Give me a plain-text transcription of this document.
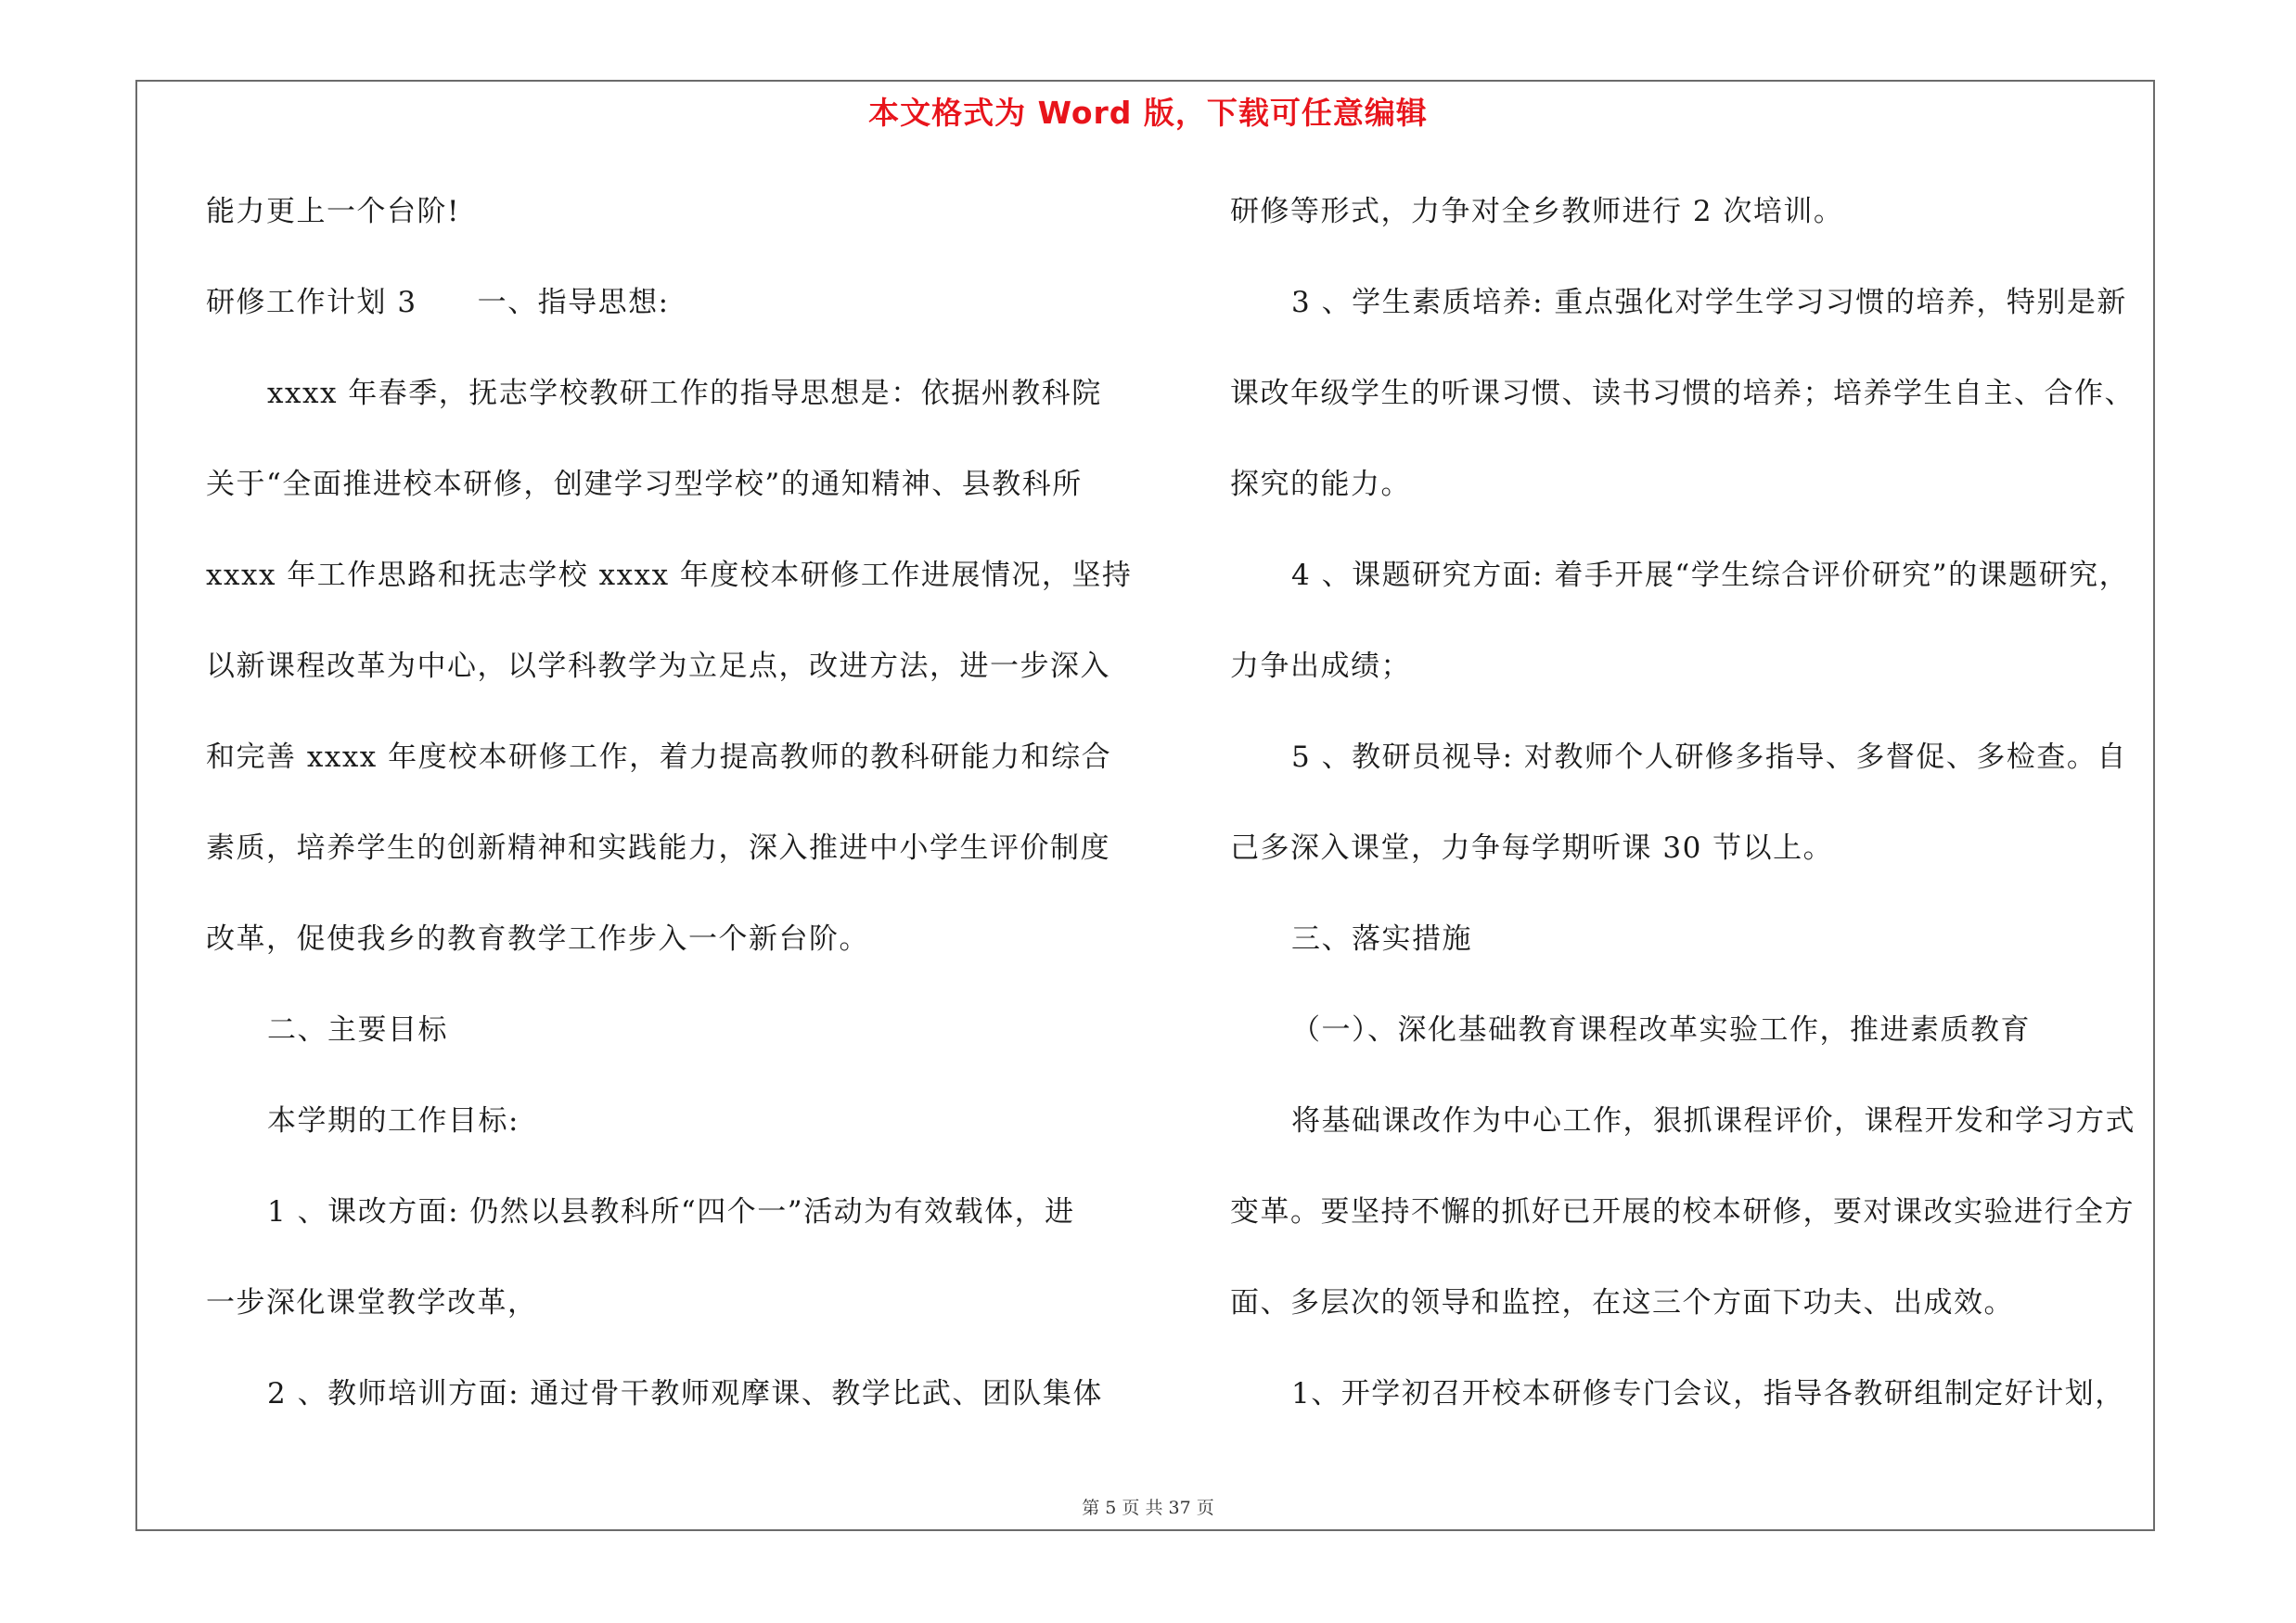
本文格式为 Word 版，下载可任意编辑
能力更上一个台阶!
研修工作计划 3　　一、指导思想:
xxxx 年春季，抚志学校教研工作的指导思想是：依据州教科院
关于“全面推进校本研修，创建学习型学校”的通知精神、县教科所
xxxx 年工作思路和抚志学校 xxxx 年度校本研修工作进展情况，坚持
以新课程改革为中心，以学科教学为立足点，改进方法，进一步深入
和完善 xxxx 年度校本研修工作，着力提高教师的教科研能力和综合
素质，培养学生的创新精神和实践能力，深入推进中小学生评价制度
改革，促使我乡的教育教学工作步入一个新台阶。
二、主要目标
本学期的工作目标:
1 、课改方面: 仍然以县教科所“四个一”活动为有效载体，进
一步深化课堂教学改革，
2 、教师培训方面: 通过骨干教师观摩课、教学比武、团队集体
研修等形式，力争对全乡教师进行 2 次培训。
3 、学生素质培养: 重点强化对学生学习习惯的培养，特别是新
课改年级学生的听课习惯、读书习惯的培养；培养学生自主、合作、
探究的能力。
4 、课题研究方面: 着手开展“学生综合评价研究”的课题研究，
力争出成绩；
5 、教研员视导: 对教师个人研修多指导、多督促、多检查。自
己多深入课堂，力争每学期听课 30 节以上。
三、落实措施
（一）、深化基础教育课程改革实验工作，推进素质教育
将基础课改作为中心工作，狠抓课程评价，课程开发和学习方式
变革。要坚持不懈的抓好已开展的校本研修，要对课改实验进行全方
面、多层次的领导和监控，在这三个方面下功夫、出成效。
1、开学初召开校本研修专门会议，指导各教研组制定好计划，
第 5 页 共 37 页
